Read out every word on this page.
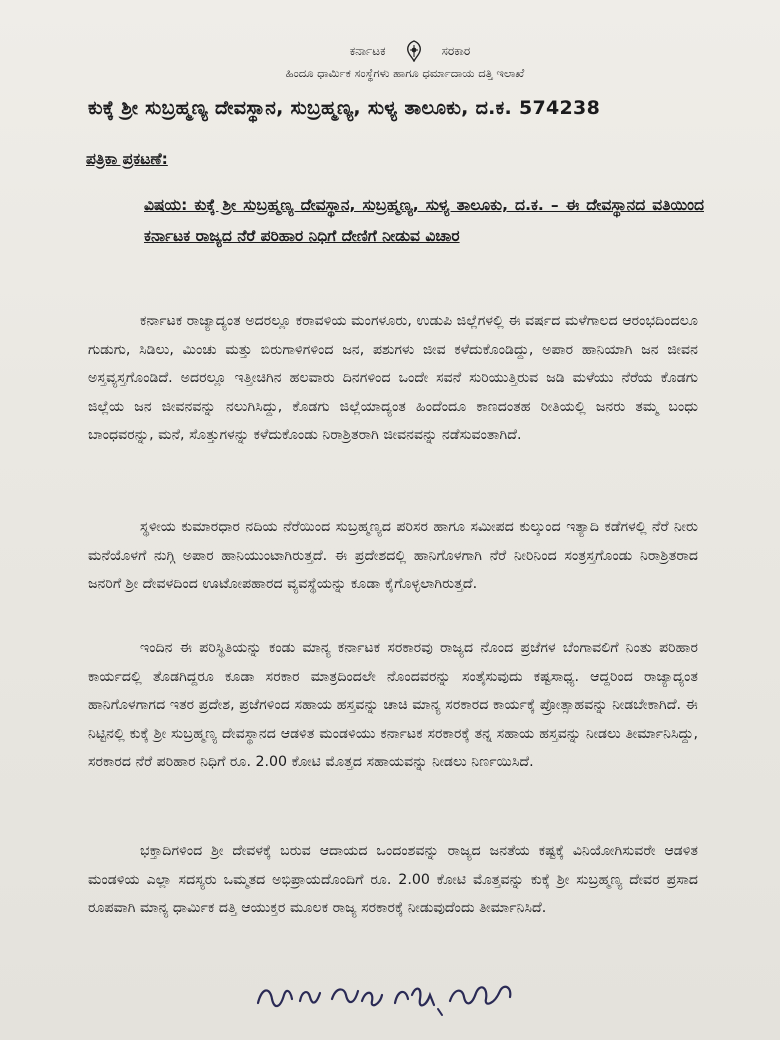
ಕರ್ನಾಟಕ	ಸರಕಾರ
ಹಿಂದೂ ಧಾರ್ಮಿಕ ಸಂಸ್ಥೆಗಳು ಹಾಗೂ ಧರ್ಮಾದಾಯ ದತ್ತಿ ಇಲಾಖೆ
ಕುಕ್ಕೆ ಶ್ರೀ ಸುಬ್ರಹ್ಮಣ್ಯ ದೇವಸ್ಥಾನ, ಸುಬ್ರಹ್ಮಣ್ಯ, ಸುಳ್ಯ ತಾಲೂಕು, ದ.ಕ. 574238
ಪತ್ರಿಕಾ ಪ್ರಕಟಣೆ:
ವಿಷಯ: ಕುಕ್ಕೆ ಶ್ರೀ ಸುಬ್ರಹ್ಮಣ್ಯ ದೇವಸ್ಥಾನ, ಸುಬ್ರಹ್ಮಣ್ಯ, ಸುಳ್ಯ ತಾಲೂಕು, ದ.ಕ. – ಈ ದೇವಸ್ಥಾನದ ವತಿಯಿಂದ ಕರ್ನಾಟಕ ರಾಜ್ಯದ ನೆರೆ ಪರಿಹಾರ ನಿಧಿಗೆ ದೇಣಿಗೆ ನೀಡುವ ವಿಚಾರ
ಕರ್ನಾಟಕ ರಾಜ್ಯಾದ್ಯಂತ ಅದರಲ್ಲೂ ಕರಾವಳಿಯ ಮಂಗಳೂರು, ಉಡುಪಿ ಜಿಲ್ಲೆಗಳಲ್ಲಿ ಈ ವರ್ಷದ ಮಳೆಗಾಲದ ಆರಂಭದಿಂದಲೂ ಗುಡುಗು, ಸಿಡಿಲು, ಮಿಂಚು ಮತ್ತು ಬಿರುಗಾಳಿಗಳಿಂದ ಜನ, ಪಶುಗಳು ಜೀವ ಕಳೆದುಕೊಂಡಿದ್ದು, ಅಪಾರ ಹಾನಿಯಾಗಿ ಜನ ಜೀವನ ಅಸ್ತವ್ಯಸ್ತಗೊಂಡಿದೆ. ಅದರಲ್ಲೂ ಇತ್ತೀಚಿಗಿನ ಹಲವಾರು ದಿನಗಳಿಂದ ಒಂದೇ ಸವನೆ ಸುರಿಯುತ್ತಿರುವ ಜಡಿ ಮಳೆಯು ನೆರೆಯ ಕೊಡಗು ಜಿಲ್ಲೆಯ ಜನ ಜೀವನವನ್ನು ನಲುಗಿಸಿದ್ದು, ಕೊಡಗು ಜಿಲ್ಲೆಯಾದ್ಯಂತ ಹಿಂದೆಂದೂ ಕಾಣದಂತಹ ರೀತಿಯಲ್ಲಿ ಜನರು ತಮ್ಮ ಬಂಧು ಬಾಂಧವರನ್ನು, ಮನೆ, ಸೊತ್ತುಗಳನ್ನು ಕಳೆದುಕೊಂಡು ನಿರಾಶ್ರಿತರಾಗಿ ಜೀವನವನ್ನು ನಡೆಸುವಂತಾಗಿದೆ.
ಸ್ಥಳೀಯ ಕುಮಾರಧಾರ ನದಿಯ ನೆರೆಯಿಂದ ಸುಬ್ರಹ್ಮಣ್ಯದ ಪರಿಸರ ಹಾಗೂ ಸಮೀಪದ ಕುಲ್ಕುಂದ ಇತ್ಯಾದಿ ಕಡೆಗಳಲ್ಲಿ ನೆರೆ ನೀರು ಮನೆಯೊಳಗೆ ನುಗ್ಗಿ ಅಪಾರ ಹಾನಿಯುಂಟಾಗಿರುತ್ತದೆ. ಈ ಪ್ರದೇಶದಲ್ಲಿ ಹಾನಿಗೊಳಗಾಗಿ ನೆರೆ ನೀರಿನಿಂದ ಸಂತ್ರಸ್ತಗೊಂಡು ನಿರಾಶ್ರಿತರಾದ ಜನರಿಗೆ ಶ್ರೀ ದೇವಳದಿಂದ ಊಟೋಪಹಾರದ ವ್ಯವಸ್ಥೆಯನ್ನು ಕೂಡಾ ಕೈಗೊಳ್ಳಲಾಗಿರುತ್ತದೆ.
ಇಂದಿನ ಈ ಪರಿಸ್ಥಿತಿಯನ್ನು ಕಂಡು ಮಾನ್ಯ ಕರ್ನಾಟಕ ಸರಕಾರವು ರಾಜ್ಯದ ನೊಂದ ಪ್ರಜೆಗಳ ಬೆಂಗಾವಲಿಗೆ ನಿಂತು ಪರಿಹಾರ ಕಾರ್ಯದಲ್ಲಿ ತೊಡಗಿದ್ದರೂ ಕೂಡಾ ಸರಕಾರ ಮಾತ್ರದಿಂದಲೇ ನೊಂದವರನ್ನು ಸಂತೈಸುವುದು ಕಷ್ಟಸಾಧ್ಯ. ಆದ್ದರಿಂದ ರಾಜ್ಯಾದ್ಯಂತ ಹಾನಿಗೊಳಗಾಗದ ಇತರ ಪ್ರದೇಶ, ಪ್ರಜೆಗಳಿಂದ ಸಹಾಯ ಹಸ್ತವನ್ನು ಚಾಚಿ ಮಾನ್ಯ ಸರಕಾರದ ಕಾರ್ಯಕ್ಕೆ ಪ್ರೋತ್ಸಾಹವನ್ನು ನೀಡಬೇಕಾಗಿದೆ. ಈ ನಿಟ್ಟಿನಲ್ಲಿ ಕುಕ್ಕೆ ಶ್ರೀ ಸುಬ್ರಹ್ಮಣ್ಯ ದೇವಸ್ಥಾನದ ಆಡಳಿತ ಮಂಡಳಿಯು ಕರ್ನಾಟಕ ಸರಕಾರಕ್ಕೆ ತನ್ನ ಸಹಾಯ ಹಸ್ತವನ್ನು ನೀಡಲು ತೀರ್ಮಾನಿಸಿದ್ದು, ಸರಕಾರದ ನೆರೆ ಪರಿಹಾರ ನಿಧಿಗೆ ರೂ. 2.00 ಕೋಟಿ ಮೊತ್ತದ ಸಹಾಯವನ್ನು ನೀಡಲು ನಿರ್ಣಯಿಸಿದೆ.
ಭಕ್ತಾದಿಗಳಿಂದ ಶ್ರೀ ದೇವಳಕ್ಕೆ ಬರುವ ಆದಾಯದ ಒಂದಂಶವನ್ನು ರಾಜ್ಯದ ಜನತೆಯ ಕಷ್ಟಕ್ಕೆ ವಿನಿಯೋಗಿಸುವರೇ ಆಡಳಿತ ಮಂಡಳಿಯ ಎಲ್ಲಾ ಸದಸ್ಯರು ಒಮ್ಮತದ ಅಭಿಪ್ರಾಯದೊಂದಿಗೆ ರೂ. 2.00 ಕೋಟಿ ಮೊತ್ತವನ್ನು ಕುಕ್ಕೆ ಶ್ರೀ ಸುಬ್ರಹ್ಮಣ್ಯ ದೇವರ ಪ್ರಸಾದ ರೂಪವಾಗಿ ಮಾನ್ಯ ಧಾರ್ಮಿಕ ದತ್ತಿ ಆಯುಕ್ತರ ಮೂಲಕ ರಾಜ್ಯ ಸರಕಾರಕ್ಕೆ ನೀಡುವುದೆಂದು ತೀರ್ಮಾನಿಸಿದೆ.
